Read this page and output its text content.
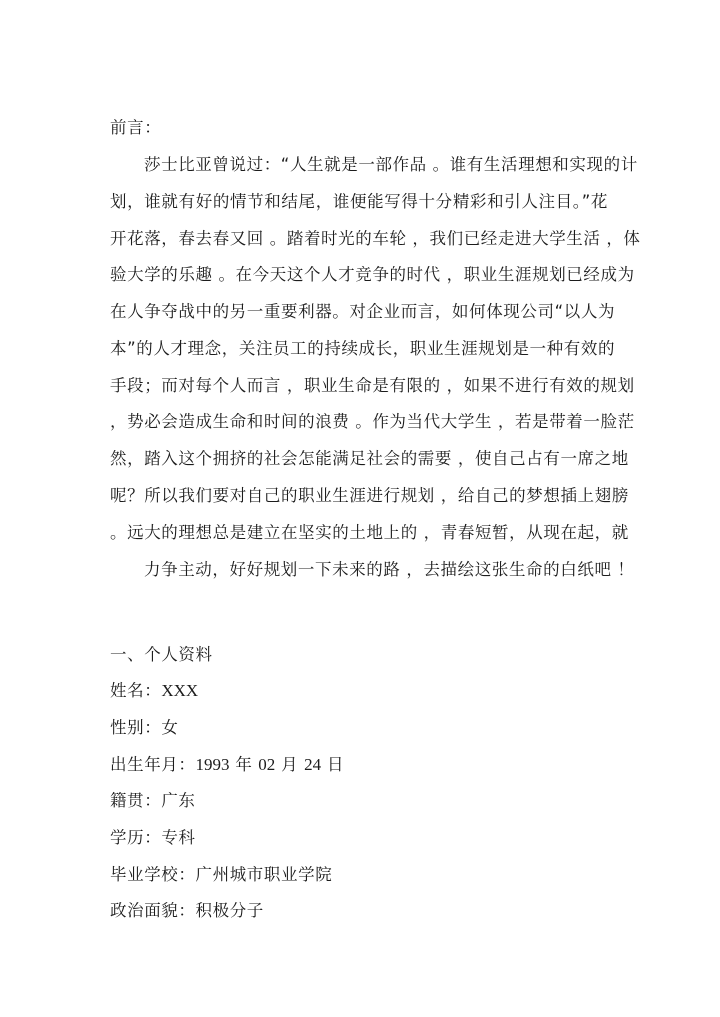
前言：
莎士比亚曾说过：“人生就是一部作品 。谁有生活理想和实现的计
划，谁就有好的情节和结尾，谁便能写得十分精彩和引人注目。”花
开花落，春去春又回 。踏着时光的车轮 ，我们已经走进大学生活 ，体
验大学的乐趣 。在今天这个人才竞争的时代 ，职业生涯规划已经成为
在人争夺战中的另一重要利器。对企业而言，如何体现公司“以人为
本”的人才理念，关注员工的持续成长，职业生涯规划是一种有效的
手段；而对每个人而言 ，职业生命是有限的 ，如果不进行有效的规划
，势必会造成生命和时间的浪费 。作为当代大学生 ，若是带着一脸茫
然，踏入这个拥挤的社会怎能满足社会的需要 ，使自己占有一席之地
呢？所以我们要对自己的职业生涯进行规划 ，给自己的梦想插上翅膀
。远大的理想总是建立在坚实的土地上的 ，青春短暂，从现在起，就
力争主动，好好规划一下未来的路 ，去描绘这张生命的白纸吧 ！
一、个人资料
姓名：XXX
性别：女
出生年月：1993 年 02 月 24 日
籍贯：广东
学历：专科
毕业学校：广州城市职业学院
政治面貌：积极分子
